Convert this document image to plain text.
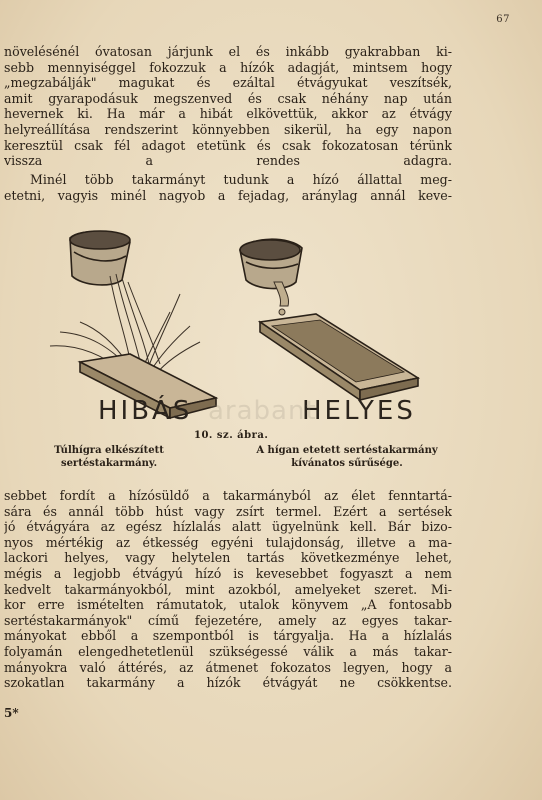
67
növelésénél óvatosan járjunk el és inkább gyakrabban ki-
sebb mennyiséggel fokozzuk a hízók adagját, mintsem hogy
„megzabálják" magukat és ezáltal étvágyukat veszítsék,
amit gyarapodásuk megszenved és csak néhány nap után
hevernek ki. Ha már a hibát elkövettük, akkor az étvágy
helyreállítása rendszerint könnyebben sikerül, ha egy napon
keresztül csak fél adagot etetünk és csak fokozatosan térünk
vissza a rendes adagra.
Minél több takarmányt tudunk a hízó állattal meg-
etetni, vagyis minél nagyob a fejadag, aránylag annál keve-
HIBÁS	HELYES
10. sz. ábra.
Túlhígra elkészített
sertéstakarmány.
A hígan etetett sertéstakarmány
kívánatos sűrűsége.
arabant
sebbet fordít a hízósüldő a takarmányból az élet fenntartá-
sára és annál több húst vagy zsírt termel. Ezért a sertések
jó étvágyára az egész hízlalás alatt ügyelnünk kell. Bár bizo-
nyos mértékig az étkesség egyéni tulajdonság, illetve a ma-
lackori helyes, vagy helytelen tartás következménye lehet,
mégis a legjobb étvágyú hízó is kevesebbet fogyaszt a nem
kedvelt takarmányokból, mint azokból, amelyeket szeret. Mi-
kor erre ismételten rámutatok, utalok könyvem „A fontosabb
sertéstakarmányok" című fejezetére, amely az egyes takar-
mányokat ebből a szempontból is tárgyalja. Ha a hízlalás
folyamán elengedhetetlenül szükségessé válik a más takar-
mányokra való áttérés, az átmenet fokozatos legyen, hogy a
szokatlan takarmány a hízók étvágyát ne csökkentse.
5*
